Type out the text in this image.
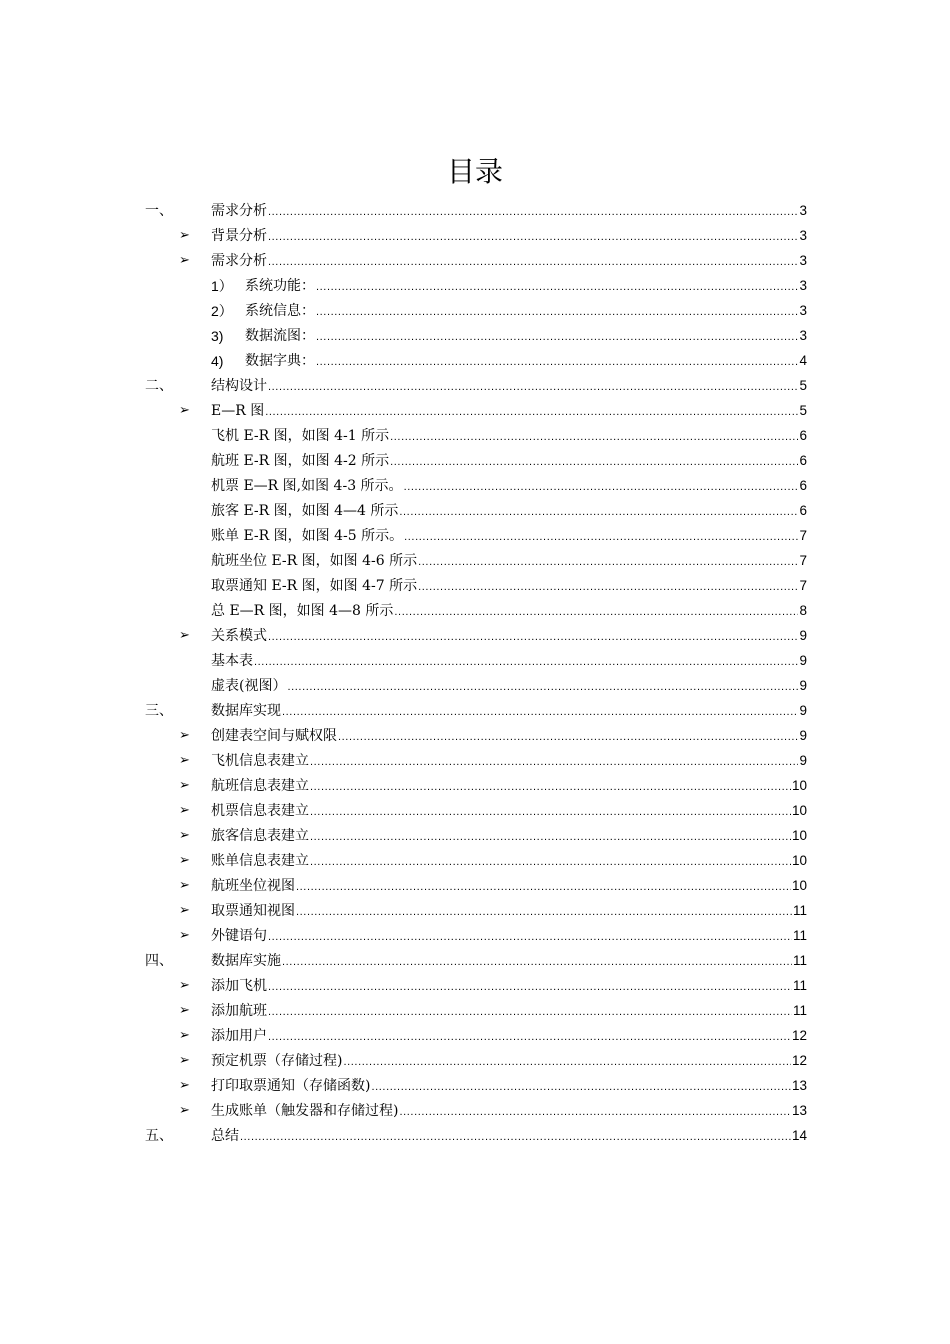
目录
一、	需求分析 .....	3
➢ 背景分析 .....	3
➢ 需求分析 .....	3
1） 系统功能： .....	3
2） 系统信息： .....	3
3) 数据流图： .....	3
4) 数据字典： .....	4
二、	结构设计 .....	5
➢ E—R 图 .....	5
飞机 E-R 图，如图 4-1 所示 .....	6
航班 E-R 图，如图 4-2 所示 .....	6
机票 E—R 图,如图 4-3 所示。 .....	6
旅客 E-R 图，如图 4—4 所示 .....	6
账单 E-R 图，如图 4-5 所示。 .....	7
航班坐位 E-R 图，如图 4-6 所示 .....	7
取票通知 E-R 图，如图 4-7 所示 .....	7
总 E—R 图，如图 4—8 所示 .....	8
➢ 关系模式 .....	9
基本表 .....	9
虚表(视图） .....	9
三、	数据库实现 .....	9
➢ 创建表空间与赋权限 .....	9
➢ 飞机信息表建立 .....	9
➢ 航班信息表建立 .....	10
➢ 机票信息表建立 .....	10
➢ 旅客信息表建立 .....	10
➢ 账单信息表建立 .....	10
➢ 航班坐位视图 .....	10
➢ 取票通知视图 .....	11
➢ 外键语句 .....	11
四、	数据库实施 .....	11
➢ 添加飞机 .....	11
➢ 添加航班 .....	11
➢ 添加用户 .....	12
➢ 预定机票（存储过程) .....	12
➢ 打印取票通知（存储函数) .....	13
➢ 生成账单（触发器和存储过程) .....	13
五、	总结 .....	14
